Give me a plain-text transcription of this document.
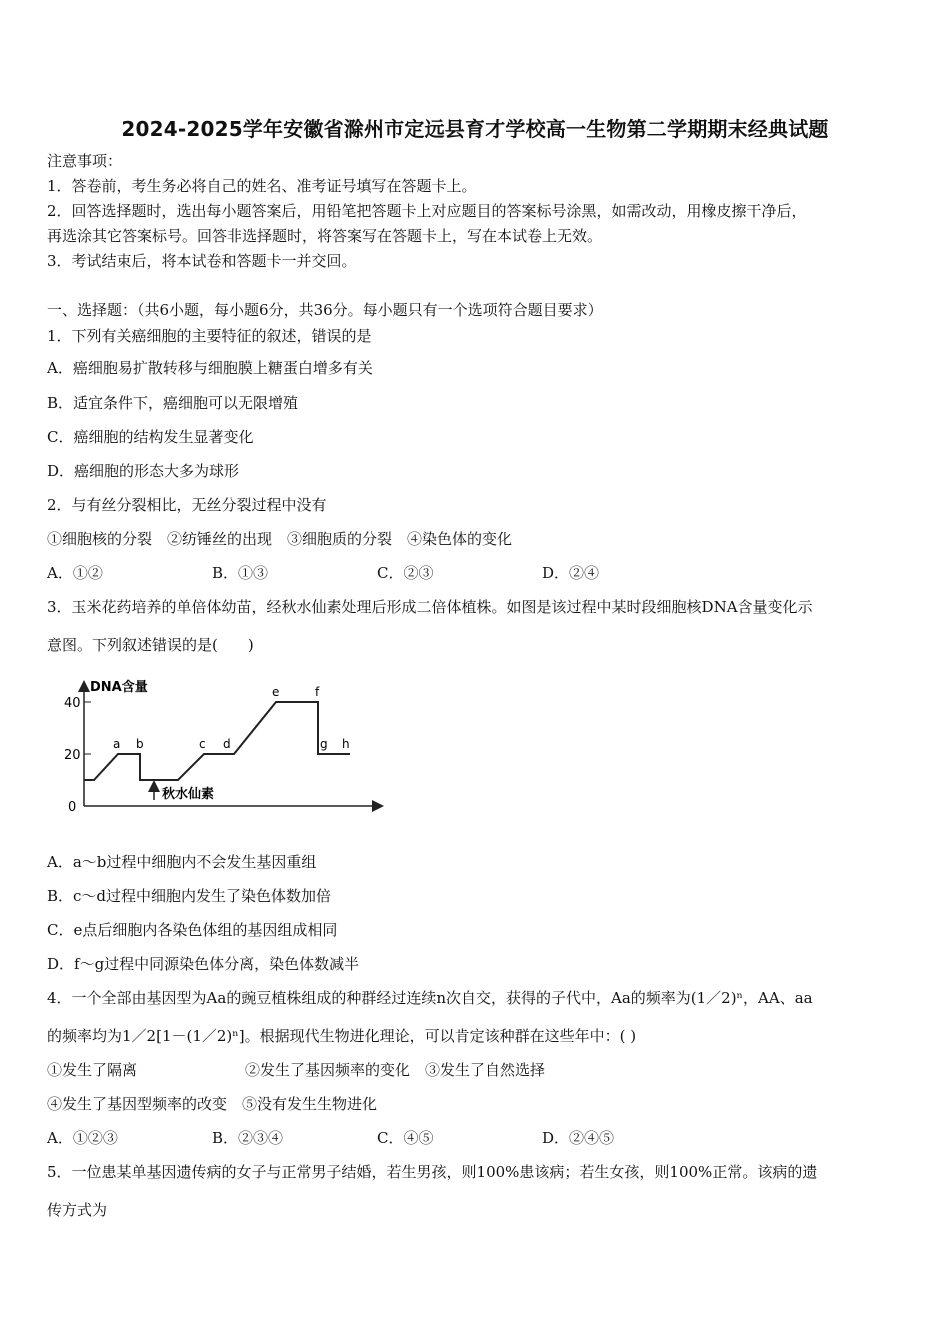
2024-2025学年安徽省滁州市定远县育才学校高一生物第二学期期末经典试题
注意事项：
1．答卷前，考生务必将自己的姓名、准考证号填写在答题卡上。
2．回答选择题时，选出每小题答案后，用铅笔把答题卡上对应题目的答案标号涂黑，如需改动，用橡皮擦干净后，
再选涂其它答案标号。回答非选择题时，将答案写在答题卡上，写在本试卷上无效。
3．考试结束后，将本试卷和答题卡一并交回。
一、选择题：（共6小题，每小题6分，共36分。每小题只有一个选项符合题目要求）
1．下列有关癌细胞的主要特征的叙述，错误的是
A．癌细胞易扩散转移与细胞膜上糖蛋白增多有关
B．适宜条件下，癌细胞可以无限增殖
C．癌细胞的结构发生显著变化
D．癌细胞的形态大多为球形
2．与有丝分裂相比，无丝分裂过程中没有
①细胞核的分裂　②纺锤丝的出现　③细胞质的分裂　④染色体的变化
A．①②	B．①③	C．②③	D．②④
3．玉米花药培养的单倍体幼苗，经秋水仙素处理后形成二倍体植株。如图是该过程中某时段细胞核DNA含量变化示
意图。下列叙述错误的是(　　)
DNA含量
40
20
0
a b	c d
e	f
g h
秋水仙素
A．a～b过程中细胞内不会发生基因重组
B．c～d过程中细胞内发生了染色体数加倍
C．e点后细胞内各染色体组的基因组成相同
D．f～g过程中同源染色体分离，染色体数减半
4．一个全部由基因型为Aa的豌豆植株组成的种群经过连续n次自交，获得的子代中，Aa的频率为(1／2)ⁿ，AA、aa
的频率均为1／2[1－(1／2)ⁿ]。根据现代生物进化理论，可以肯定该种群在这些年中：( )
①发生了隔离	②发生了基因频率的变化　③发生了自然选择
④发生了基因型频率的改变　⑤没有发生生物进化
A．①②③	B．②③④	C．④⑤	D．②④⑤
5．一位患某单基因遗传病的女子与正常男子结婚，若生男孩，则100%患该病；若生女孩，则100%正常。该病的遗
传方式为
